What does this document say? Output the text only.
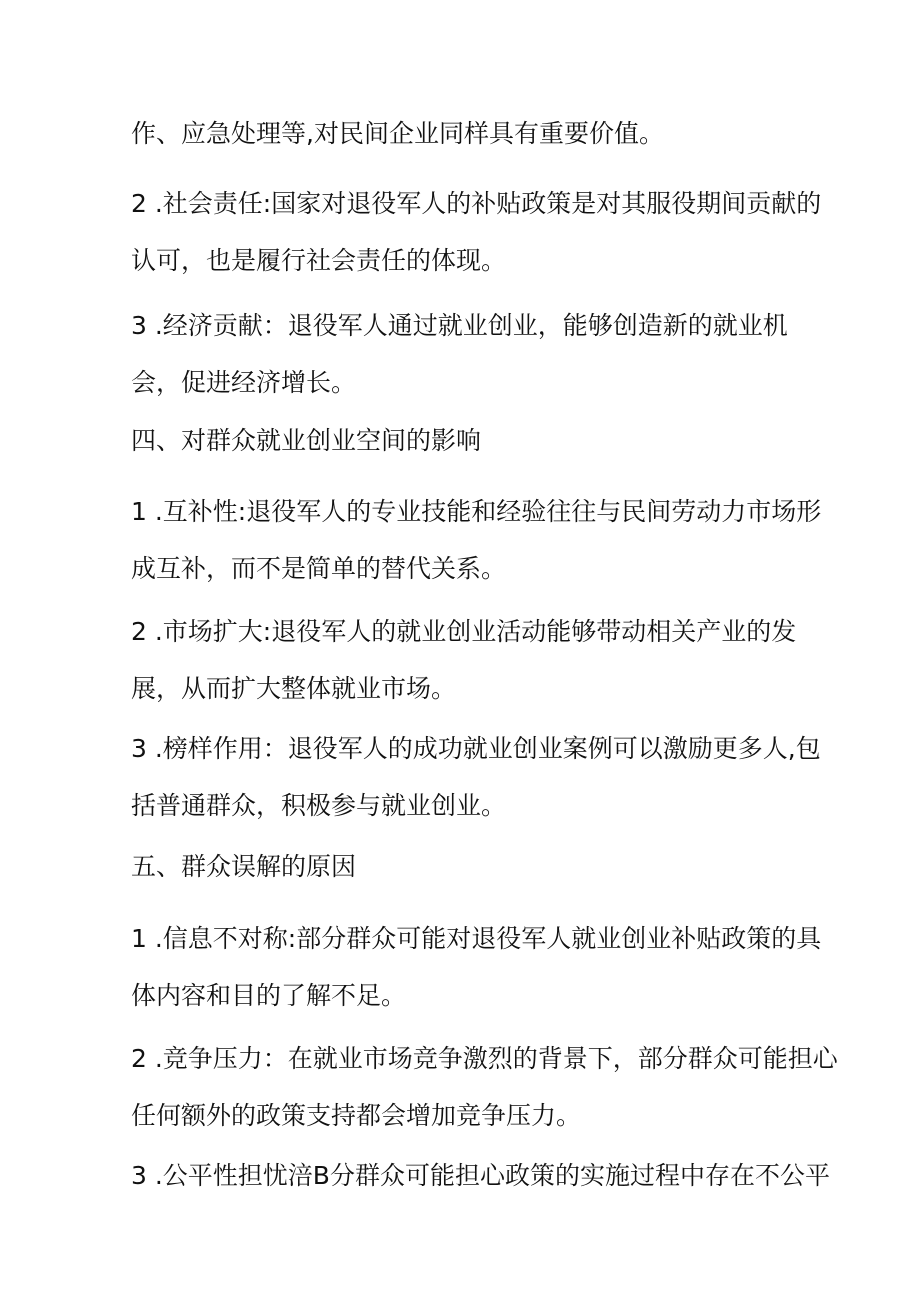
作、应急处理等,对民间企业同样具有重要价值。
2 .社会责任:国家对退役军人的补贴政策是对其服役期间贡献的
认可，也是履行社会责任的体现。
3 .经济贡献：退役军人通过就业创业，能够创造新的就业机
会，促进经济增长。
四、对群众就业创业空间的影响
1 .互补性:退役军人的专业技能和经验往往与民间劳动力市场形
成互补，而不是简单的替代关系。
2 .市场扩大:退役军人的就业创业活动能够带动相关产业的发
展，从而扩大整体就业市场。
3 .榜样作用：退役军人的成功就业创业案例可以激励更多人,包
括普通群众，积极参与就业创业。
五、群众误解的原因
1 .信息不对称:部分群众可能对退役军人就业创业补贴政策的具
体内容和目的了解不足。
2 .竞争压力：在就业市场竞争激烈的背景下，部分群众可能担心
任何额外的政策支持都会增加竞争压力。
3 .公平性担忧涪B分群众可能担心政策的实施过程中存在不公平
